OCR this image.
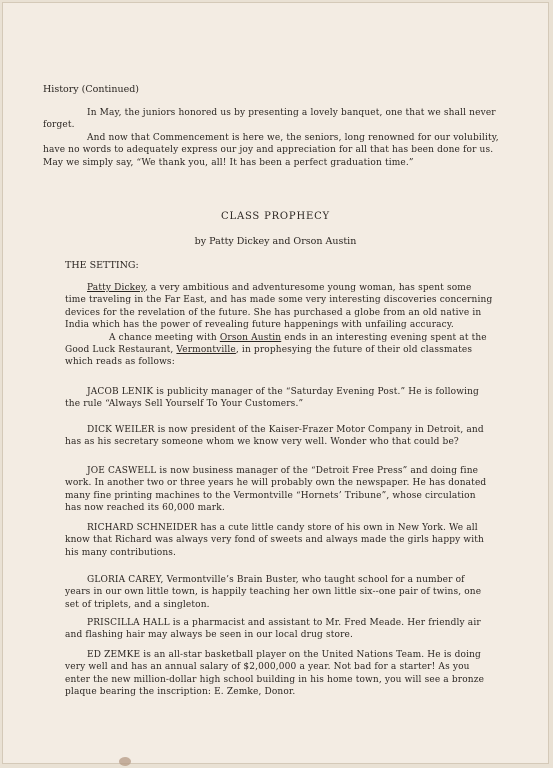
History (Continued)

In May, the juniors honored us by presenting a lovely banquet, one that we shall never forget.

And now that Commencement is here we, the seniors, long renowned for our volubility, have no words to adequately express our joy and appreciation for all that has been done for us. May we simply say, “We thank you, all! It has been a perfect graduation time.”

CLASS PROPHECY
by Patty Dickey and Orson Austin
THE SETTING:

Patty Dickey, a very ambitious and adventuresome young woman, has spent some time traveling in the Far East, and has made some very interesting discoveries concerning devices for the revelation of the future. She has purchased a globe from an old native in India which has the power of revealing future happenings with unfailing accuracy.

A chance meeting with Orson Austin ends in an interesting evening spent at the Good Luck Restaurant, Vermontville, in prophesying the future of their old classmates which reads as follows:

JACOB LENIK is publicity manager of the “Saturday Evening Post.” He is following the rule “Always Sell Yourself To Your Customers.”

DICK WEILER is now president of the Kaiser-Frazer Motor Company in Detroit, and has as his secretary someone whom we know very well. Wonder who that could be?

JOE CASWELL is now business manager of the “Detroit Free Press” and doing fine work. In another two or three years he will probably own the newspaper. He has donated many fine printing machines to the Vermontville “Hornets’ Tribune”, whose circulation has now reached its 60,000 mark.

RICHARD SCHNEIDER has a cute little candy store of his own in New York. We all know that Richard was always very fond of sweets and always made the girls happy with his many contributions.

GLORIA CAREY, Vermontville’s Brain Buster, who taught school for a number of years in our own little town, is happily teaching her own little six--one pair of twins, one set of triplets, and a singleton.

PRISCILLA HALL is a pharmacist and assistant to Mr. Fred Meade. Her friendly air and flashing hair may always be seen in our local drug store.

ED ZEMKE is an all-star basketball player on the United Nations Team. He is doing very well and has an annual salary of $2,000,000 a year. Not bad for a starter! As you enter the new million-dollar high school building in his home town, you will see a bronze plaque bearing the inscription: E. Zemke, Donor.
